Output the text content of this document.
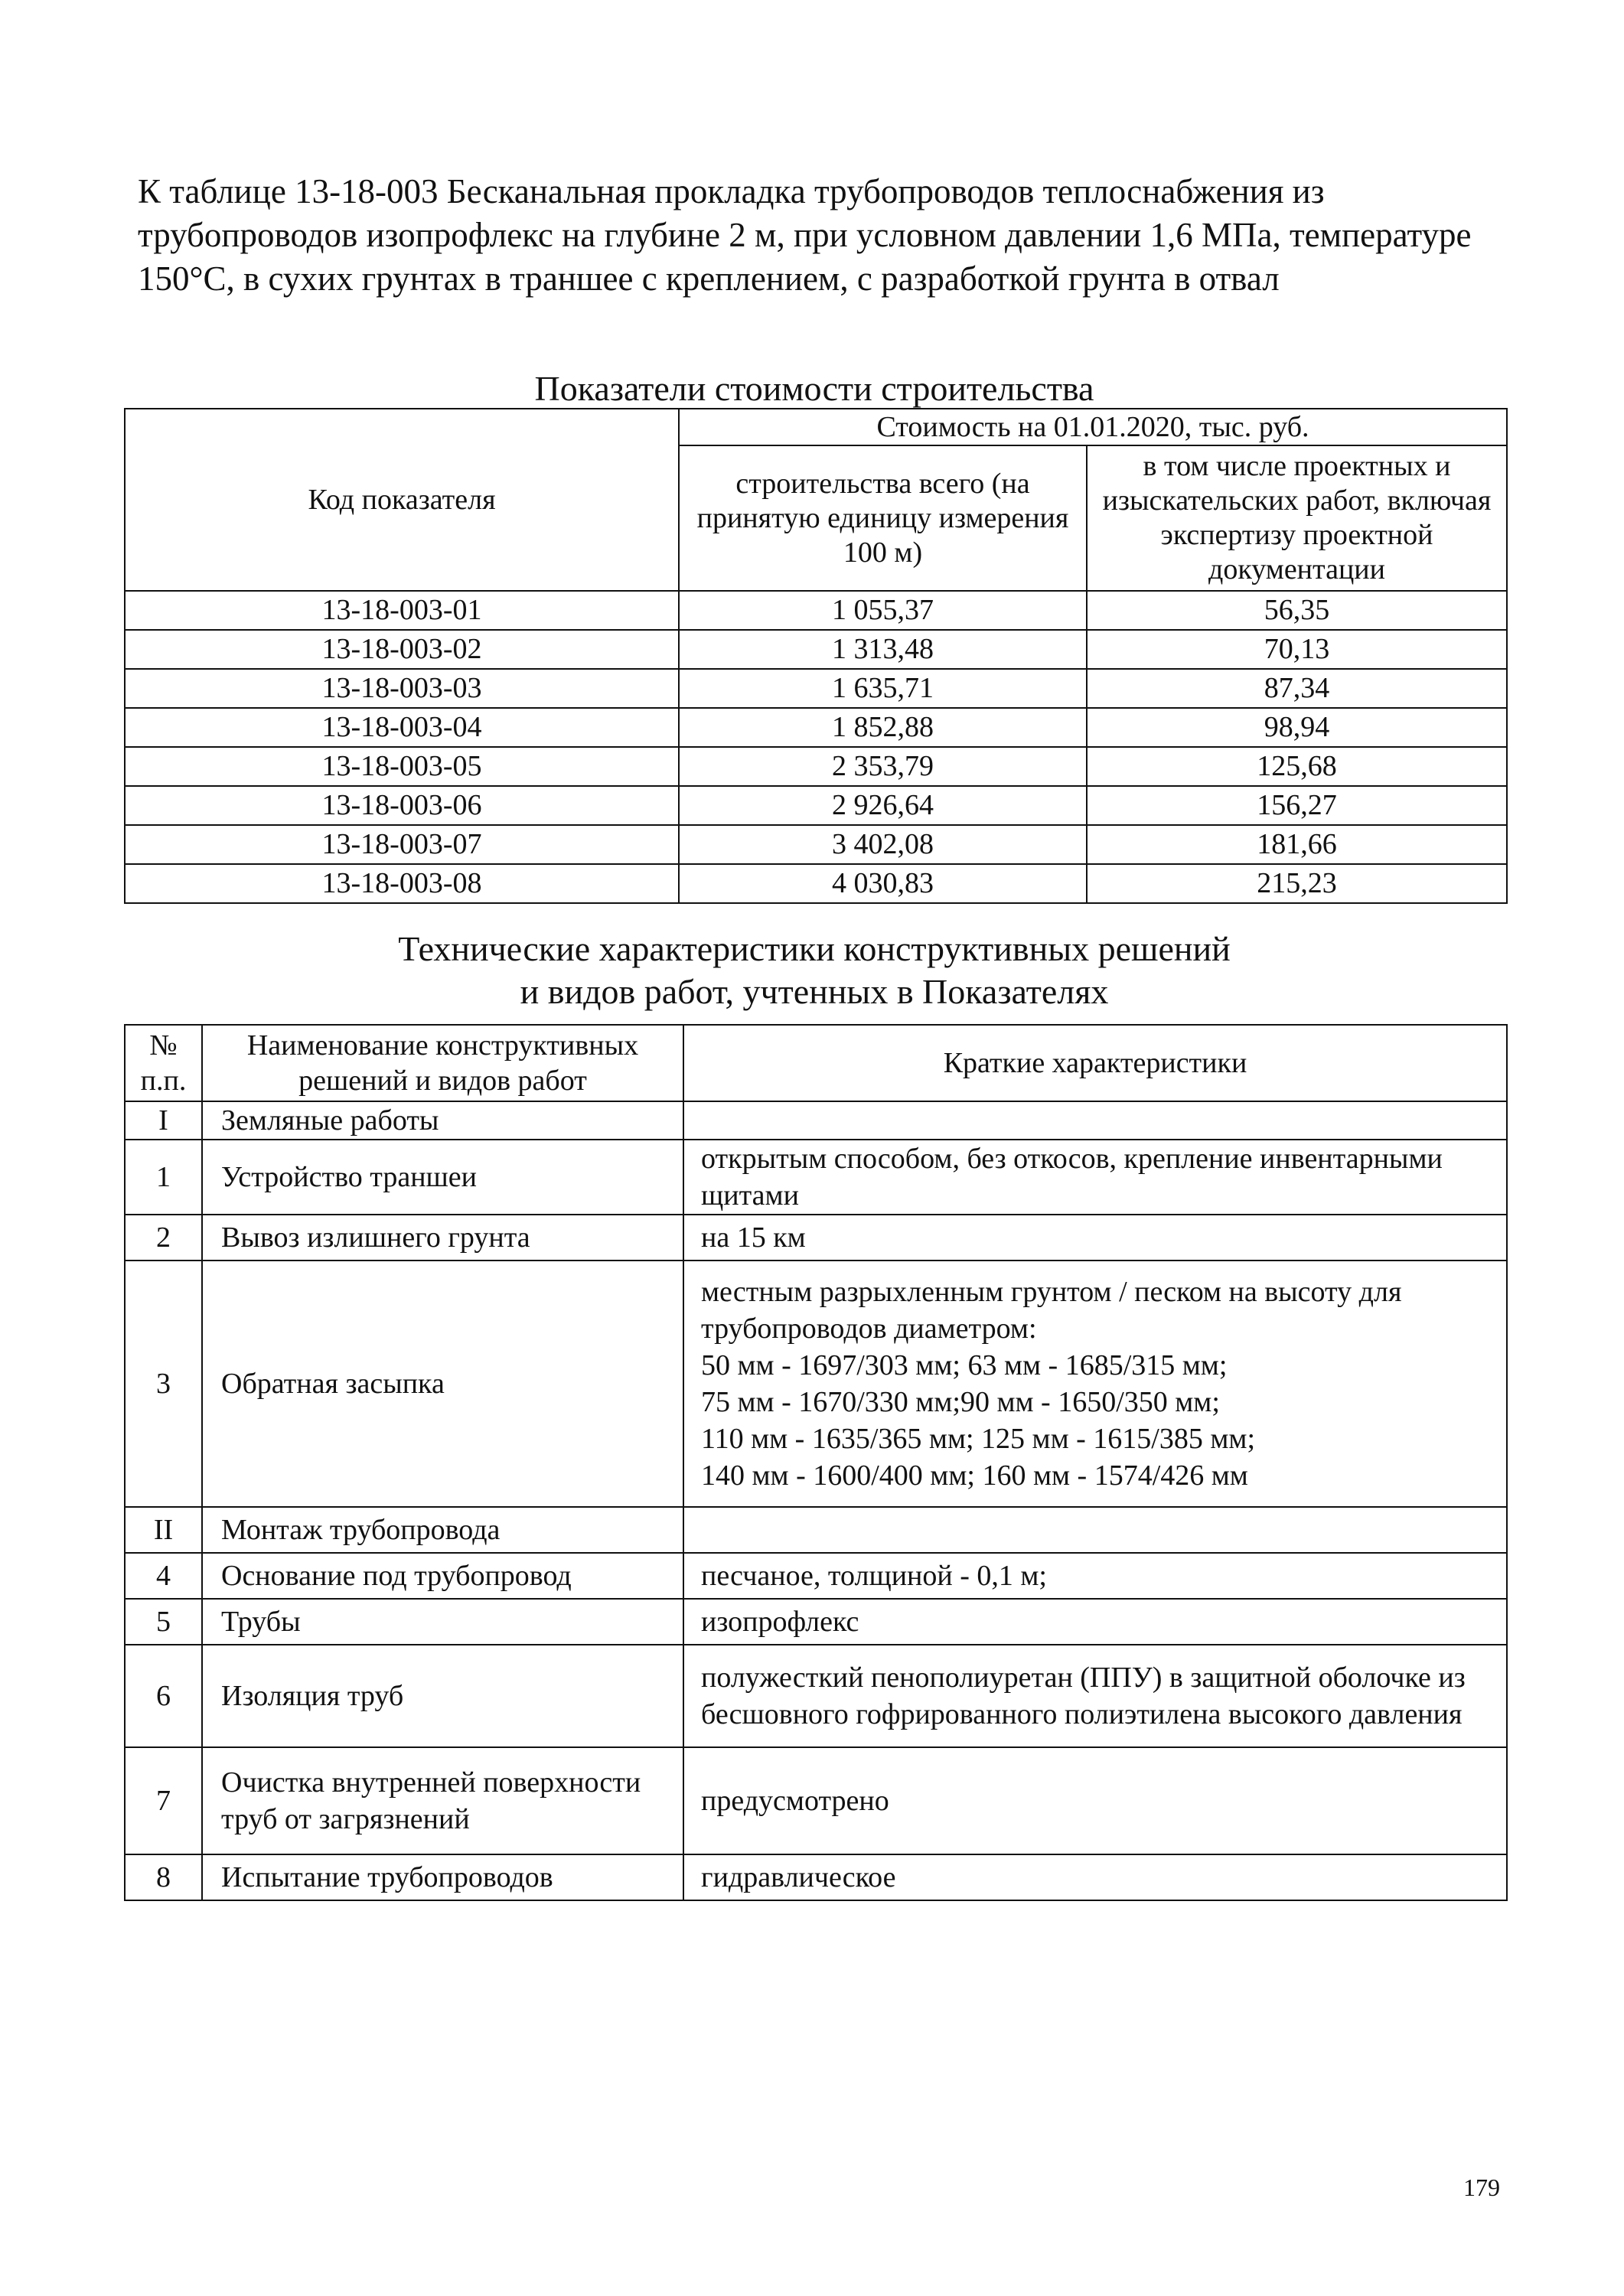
К таблице 13-18-003 Бесканальная прокладка трубопроводов теплоснабжения из трубопроводов изопрофлекс на глубине 2 м, при условном давлении 1,6 МПа, температуре 150°С, в сухих грунтах в траншее с креплением, с разработкой грунта в отвал
Показатели стоимости строительства
Код показателя	Стоимость на 01.01.2020, тыс. руб.	
	строительства всего (на принятую единицу измерения 100 м)	в том числе проектных и изыскательских работ, включая экспертизу проектной документации
13-18-003-01	1 055,37	56,35
13-18-003-02	1 313,48	70,13
13-18-003-03	1 635,71	87,34
13-18-003-04	1 852,88	98,94
13-18-003-05	2 353,79	125,68
13-18-003-06	2 926,64	156,27
13-18-003-07	3 402,08	181,66
13-18-003-08	4 030,83	215,23
Технические характеристики конструктивных решений
и видов работ, учтенных в Показателях
№ п.п.	Наименование конструктивных решений и видов работ	Краткие характеристики
I	Земляные работы	
1	Устройство траншеи	открытым способом, без откосов, крепление инвентарными щитами
2	Вывоз излишнего грунта	на 15 км
3	Обратная засыпка	местным разрыхленным грунтом / песком на высоту для трубопроводов диаметром:
50 мм - 1697/303 мм; 63 мм - 1685/315 мм;
75 мм - 1670/330 мм;90 мм - 1650/350 мм;
110 мм - 1635/365 мм; 125 мм - 1615/385 мм;
140 мм - 1600/400 мм; 160 мм - 1574/426 мм

II	Монтаж трубопровода	
4	Основание под трубопровод	песчаное, толщиной - 0,1 м;
5	Трубы	изопрофлекс
6	Изоляция труб	полужесткий пенополиуретан (ППУ) в защитной оболочке из бесшовного гофрированного полиэтилена высокого давления
7	Очистка внутренней поверхности труб от загрязнений	предусмотрено
8	Испытание трубопроводов	гидравлическое
179
